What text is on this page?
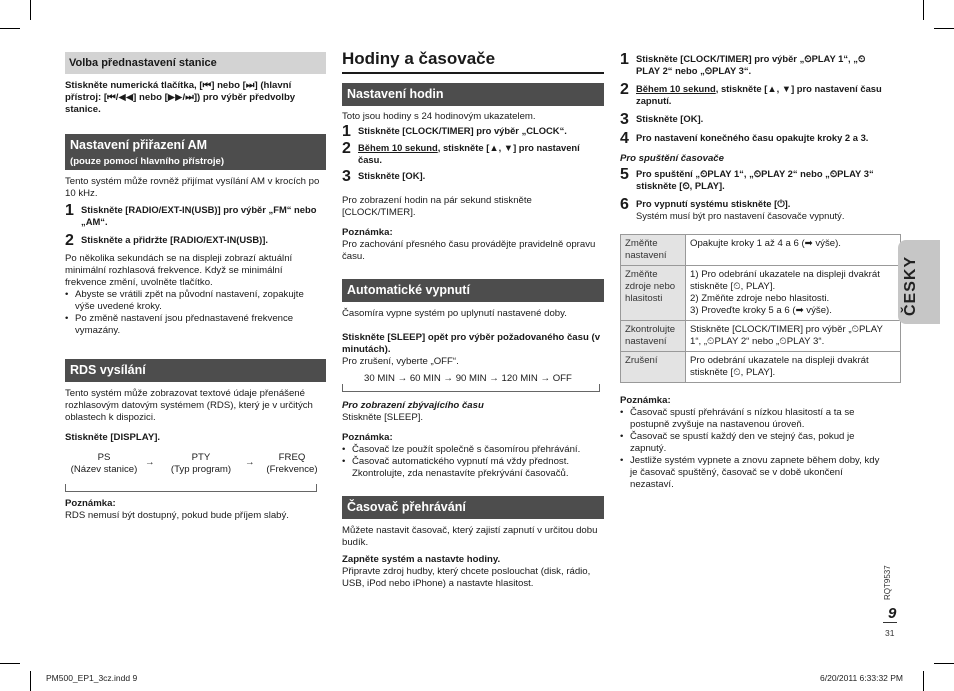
Volba přednastavení stanice
Stiskněte numerická tlačítka, [⏮] nebo [⏭] (hlavní přístroj: [⏮/◀◀] nebo [▶▶/⏭]) pro výběr předvolby stanice.
Nastavení přiřazení AM
(pouze pomocí hlavního přístroje)
Tento systém může rovněž přijímat vysílání AM v krocích po 10 kHz.
1 Stiskněte [RADIO/EXT-IN(USB)] pro výběr „FM“ nebo „AM“.
2 Stiskněte a přidržte [RADIO/EXT-IN(USB)].
Po několika sekundách se na displeji zobrazí aktuální minimální rozhlasová frekvence. Když se minimální frekvence změní, uvolněte tlačítko.
• Abyste se vrátili zpět na původní nastavení, zopakujte výše uvedené kroky.
• Po změně nastavení jsou přednastavené frekvence vymazány.
RDS vysílání
Tento systém může zobrazovat textové údaje přenášené rozhlasovým datovým systémem (RDS), který je v určitých oblastech k dispozici.
Stiskněte [DISPLAY].
PS
(Název stanice)
→	PTY
(Typ program)
→	FREQ
(Frekvence)
Poznámka:
RDS nemusí být dostupný, pokud bude příjem slabý.
Hodiny a časovače
Nastavení hodin
Toto jsou hodiny s 24 hodinovým ukazatelem.
1 Stiskněte [CLOCK/TIMER] pro výběr „CLOCK“.
2 Během 10 sekund, stiskněte [▲, ▼] pro nastavení času.
3 Stiskněte [OK].
Pro zobrazení hodin na pár sekund stiskněte [CLOCK/TIMER].
Poznámka:
Pro zachování přesného času provádějte pravidelně opravu času.
Automatické vypnutí
Časomíra vypne systém po uplynutí nastavené doby.
Stiskněte [SLEEP] opět pro výběr požadovaného času (v minutách).
Pro zrušení, vyberte „OFF“.
30 MIN → 60 MIN → 90 MIN → 120 MIN → OFF
Pro zobrazení zbývajícího času
Stiskněte [SLEEP].
Poznámka:
• Časovač lze použít společně s časomírou přehrávání.
• Časovač automatického vypnutí má vždy přednost. Zkontrolujte, zda nenastavíte překrývání časovačů.
Časovač přehrávání
Můžete nastavit časovač, který zajistí zapnutí v určitou dobu budík.
Zapněte systém a nastavte hodiny.
Připravte zdroj hudby, který chcete poslouchat (disk, rádio, USB, iPod nebo iPhone) a nastavte hlasitost.
1 Stiskněte [CLOCK/TIMER] pro výběr „⏲PLAY 1“, „⏲PLAY 2“ nebo „⏲PLAY 3“.
2 Během 10 sekund, stiskněte [▲, ▼] pro nastavení času zapnutí.
3 Stiskněte [OK].
4 Pro nastavení konečného času opakujte kroky 2 a 3.
Pro spuštění časovače
5 Pro spuštění „⏲PLAY 1“, „⏲PLAY 2“ nebo „⏲PLAY 3“ stiskněte [⏲, PLAY].
6 Pro vypnutí systému stiskněte [⏻].
Systém musí být pro nastavení časovače vypnutý.
Změňte nastavení	Opakujte kroky 1 až 4 a 6 (➡ výše).
Změňte zdroje nebo hlasitosti	1) Pro odebrání ukazatele na displeji dvakrát stiskněte [⏲, PLAY].
2) Změňte zdroje nebo hlasitosti.
3) Proveďte kroky 5 a 6 (➡ výše).
Zkontrolujte nastavení	Stiskněte [CLOCK/TIMER] pro výběr „⏲PLAY 1“, „⏲PLAY 2“ nebo „⏲PLAY 3“.
Zrušení	Pro odebrání ukazatele na displeji dvakrát stiskněte [⏲, PLAY].
Poznámka:
• Časovač spustí přehrávání s nízkou hlasitostí a ta se postupně zvyšuje na nastavenou úroveň.
• Časovač se spustí každý den ve stejný čas, pokud je zapnutý.
• Jestliže systém vypnete a znovu zapnete během doby, kdy je časovač spuštěný, časovač se v době ukončení nezastaví.
ČESKY
RQT9537
9
31
PM500_EP1_3cz.indd 9	6/20/2011 6:33:32 PM
